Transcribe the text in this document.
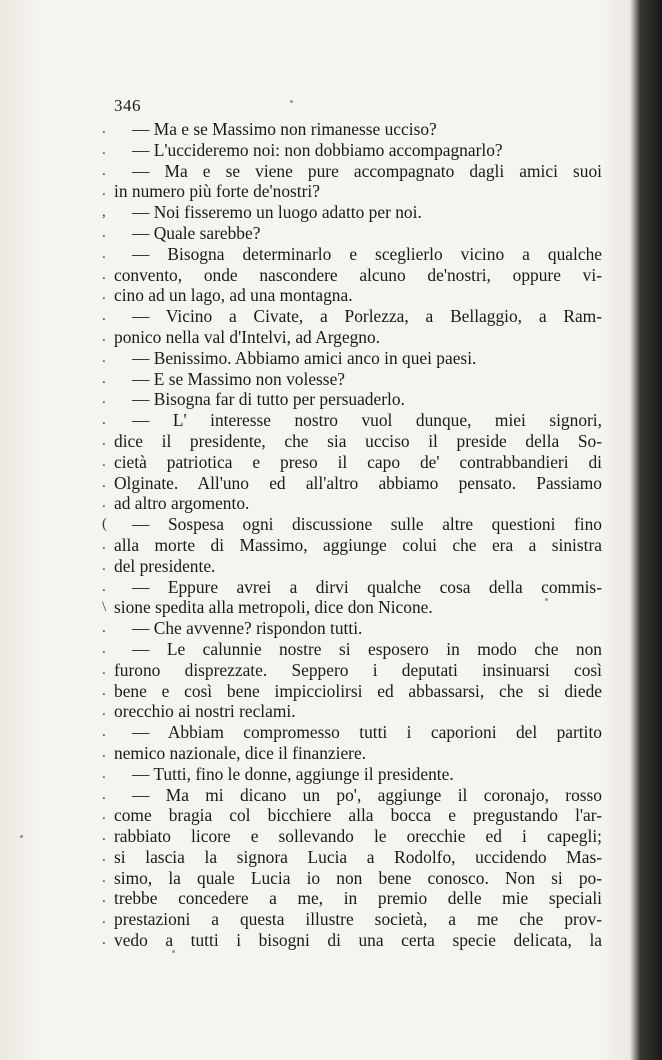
346
.	— Ma e se Massimo non rimanesse ucciso?
.	— L'uccideremo noi: non dobbiamo accompagnarlo?
.	— Ma e se viene pure accompagnato dagli amici suoi
. in numero più forte de'nostri?
,	— Noi fisseremo un luogo adatto per noi.
.	— Quale sarebbe?
.	— Bisogna determinarlo e sceglierlo vicino a qualche
. convento, onde nascondere alcuno de'nostri, oppure vi-
. cino ad un lago, ad una montagna.
.	— Vicino a Civate, a Porlezza, a Bellaggio, a Ram-
. ponico nella val d'Intelvi, ad Argegno.
.	— Benissimo. Abbiamo amici anco in quei paesi.
.	— E se Massimo non volesse?
.	— Bisogna far di tutto per persuaderlo.
.	— L' interesse nostro vuol dunque, miei signori,
. dice il presidente, che sia ucciso il preside della So-
. cietà patriotica e preso il capo de' contrabbandieri di
. Olginate. All'uno ed all'altro abbiamo pensato. Passiamo
. ad altro argomento.
(	— Sospesa ogni discussione sulle altre questioni fino
. alla morte di Massimo, aggiunge colui che era a sinistra
. del presidente.
.	— Eppure avrei a dirvi qualche cosa della commis-
\ sione spedita alla metropoli, dice don Nicone.
.	— Che avvenne? rispondon tutti.
.	— Le calunnie nostre si esposero in modo che non
. furono disprezzate. Seppero i deputati insinuarsi così
. bene e così bene impicciolirsi ed abbassarsi, che si diede
. orecchio ai nostri reclami.
.	— Abbiam compromesso tutti i caporioni del partito
. nemico nazionale, dice il finanziere.
.	— Tutti, fino le donne, aggiunge il presidente.
.	— Ma mi dicano un po', aggiunge il coronajo, rosso
. come bragia col bicchiere alla bocca e pregustando l'ar-
. rabbiato licore e sollevando le orecchie ed i capegli;
. si lascia la signora Lucia a Rodolfo, uccidendo Mas-
. simo, la quale Lucia io non bene conosco. Non si po-
. trebbe concedere a me, in premio delle mie speciali
. prestazioni a questa illustre società, a me che prov-
. vedo a tutti i bisogni di una certa specie delicata, la
